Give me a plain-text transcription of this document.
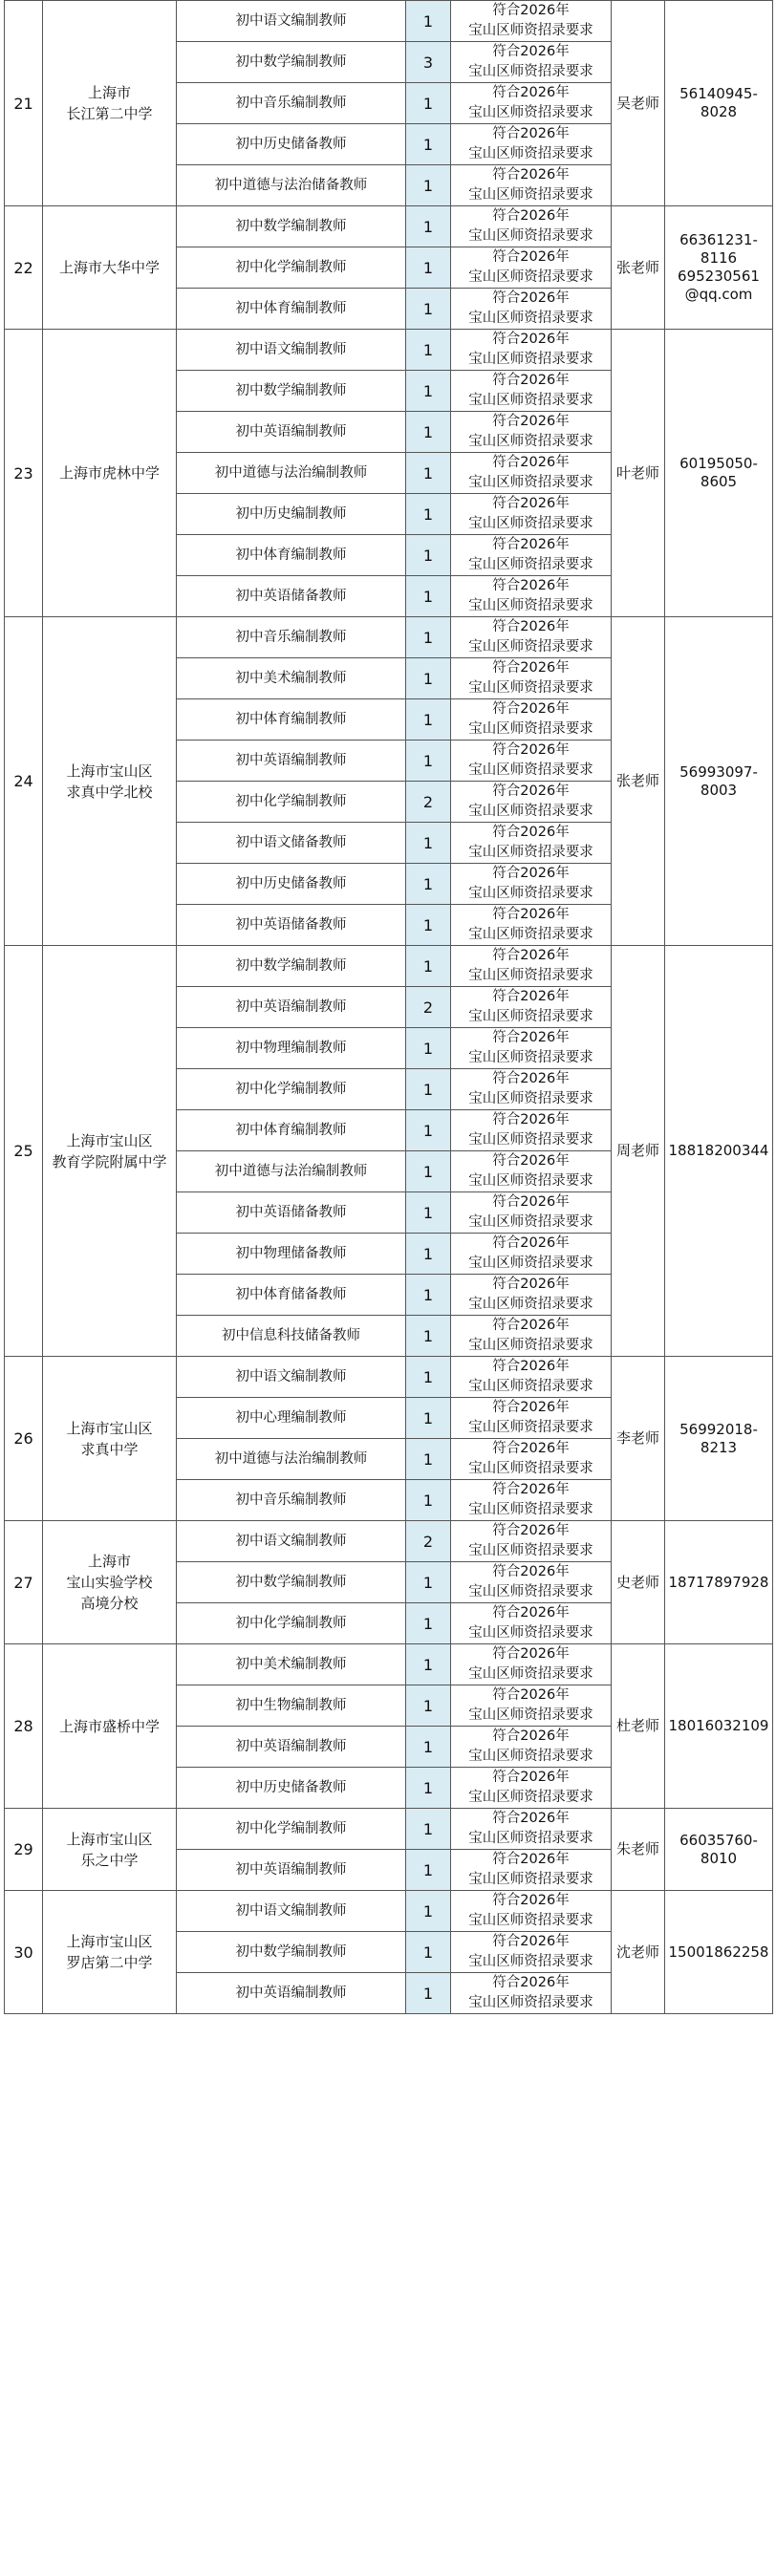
21	上海市
长江第二中学	初中语文编制教师	1	符合2026年
宝山区师资招录要求	吴老师	56140945-8028
		初中数学编制教师	3	符合2026年
宝山区师资招录要求		

		初中音乐编制教师	1	符合2026年
宝山区师资招录要求		

		初中历史储备教师	1	符合2026年
宝山区师资招录要求		

		初中道德与法治储备教师	1	符合2026年
宝山区师资招录要求		

22	上海市大华中学	初中数学编制教师	1	符合2026年
宝山区师资招录要求	张老师	66361231-8116
695230561
@qq.com
		初中化学编制教师	1	符合2026年
宝山区师资招录要求		

		初中体育编制教师	1	符合2026年
宝山区师资招录要求		

23	上海市虎林中学	初中语文编制教师	1	符合2026年
宝山区师资招录要求	叶老师	60195050-8605
		初中数学编制教师	1	符合2026年
宝山区师资招录要求		

		初中英语编制教师	1	符合2026年
宝山区师资招录要求		

		初中道德与法治编制教师	1	符合2026年
宝山区师资招录要求		

		初中历史编制教师	1	符合2026年
宝山区师资招录要求		

		初中体育编制教师	1	符合2026年
宝山区师资招录要求		

		初中英语储备教师	1	符合2026年
宝山区师资招录要求		

24	上海市宝山区
求真中学北校	初中音乐编制教师	1	符合2026年
宝山区师资招录要求	张老师	56993097-8003
		初中美术编制教师	1	符合2026年
宝山区师资招录要求		

		初中体育编制教师	1	符合2026年
宝山区师资招录要求		

		初中英语编制教师	1	符合2026年
宝山区师资招录要求		

		初中化学编制教师	2	符合2026年
宝山区师资招录要求		

		初中语文储备教师	1	符合2026年
宝山区师资招录要求		

		初中历史储备教师	1	符合2026年
宝山区师资招录要求		

		初中英语储备教师	1	符合2026年
宝山区师资招录要求		

25	上海市宝山区
教育学院附属中学	初中数学编制教师	1	符合2026年
宝山区师资招录要求	周老师	18818200344
		初中英语编制教师	2	符合2026年
宝山区师资招录要求		

		初中物理编制教师	1	符合2026年
宝山区师资招录要求		

		初中化学编制教师	1	符合2026年
宝山区师资招录要求		

		初中体育编制教师	1	符合2026年
宝山区师资招录要求		

		初中道德与法治编制教师	1	符合2026年
宝山区师资招录要求		

		初中英语储备教师	1	符合2026年
宝山区师资招录要求		

		初中物理储备教师	1	符合2026年
宝山区师资招录要求		

		初中体育储备教师	1	符合2026年
宝山区师资招录要求		

		初中信息科技储备教师	1	符合2026年
宝山区师资招录要求		

26	上海市宝山区
求真中学	初中语文编制教师	1	符合2026年
宝山区师资招录要求	李老师	56992018-8213
		初中心理编制教师	1	符合2026年
宝山区师资招录要求		

		初中道德与法治编制教师	1	符合2026年
宝山区师资招录要求		

		初中音乐编制教师	1	符合2026年
宝山区师资招录要求		

27	上海市
宝山实验学校
高境分校	初中语文编制教师	2	符合2026年
宝山区师资招录要求	史老师	18717897928
		初中数学编制教师	1	符合2026年
宝山区师资招录要求		

		初中化学编制教师	1	符合2026年
宝山区师资招录要求		

28	上海市盛桥中学	初中美术编制教师	1	符合2026年
宝山区师资招录要求	杜老师	18016032109
		初中生物编制教师	1	符合2026年
宝山区师资招录要求		

		初中英语编制教师	1	符合2026年
宝山区师资招录要求		

		初中历史储备教师	1	符合2026年
宝山区师资招录要求		

29	上海市宝山区
乐之中学	初中化学编制教师	1	符合2026年
宝山区师资招录要求	朱老师	66035760-8010
		初中英语编制教师	1	符合2026年
宝山区师资招录要求		

30	上海市宝山区
罗店第二中学	初中语文编制教师	1	符合2026年
宝山区师资招录要求	沈老师	15001862258
		初中数学编制教师	1	符合2026年
宝山区师资招录要求		

		初中英语编制教师	1	符合2026年
宝山区师资招录要求		
